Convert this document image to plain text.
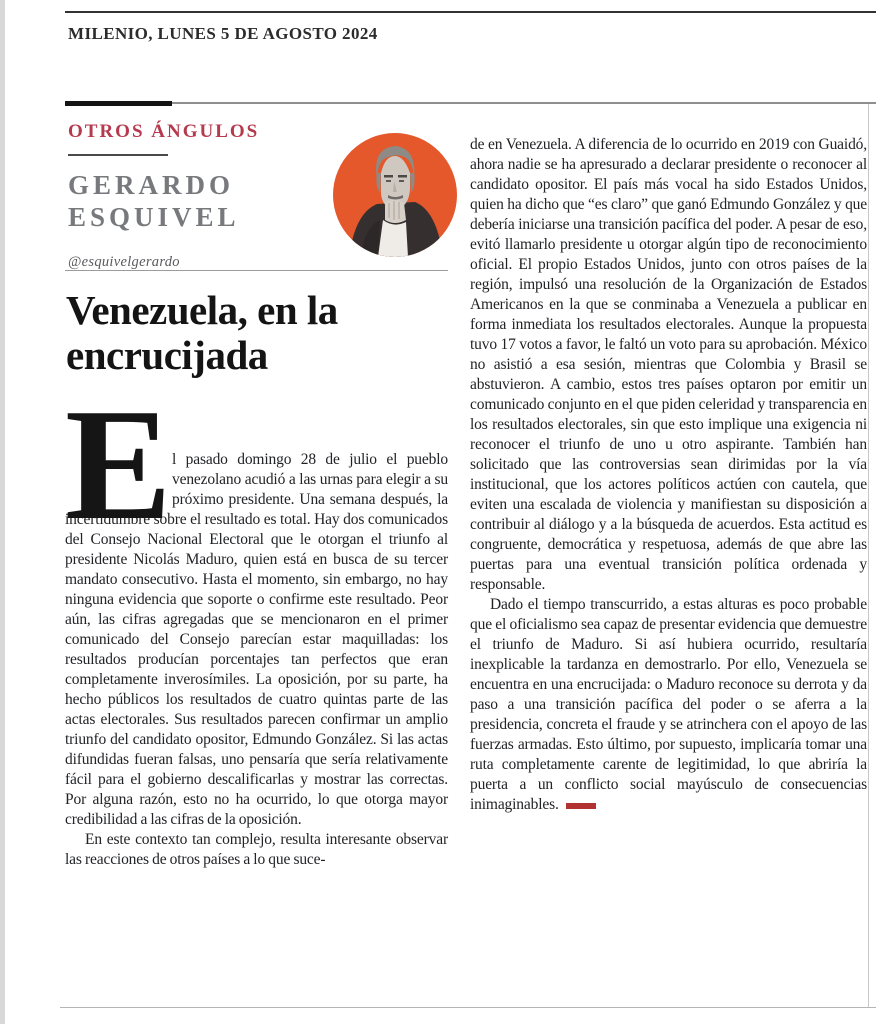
MILENIO, LUNES 5 DE AGOSTO 2024
OTROS ÁNGULOS
GERARDO ESQUIVEL
@esquivelgerardo
Venezuela, en la encrucijada

E l pasado domingo 28 de julio el pueblo venezolano acudió a las urnas para elegir a su próximo presidente. Una semana después, la incertidumbre sobre el resultado es total. Hay dos comunicados del Consejo Nacional Electoral que le otorgan el triunfo al presidente Nicolás Maduro, quien está en busca de su tercer mandato consecutivo. Hasta el momento, sin embargo, no hay ninguna evidencia que soporte o confirme este resultado. Peor aún, las cifras agregadas que se mencionaron en el primer comunicado del Consejo parecían estar maquilladas: los resultados producían porcentajes tan perfectos que eran completamente inverosímiles. La oposición, por su parte, ha hecho públicos los resultados de cuatro quintas parte de las actas electorales. Sus resultados parecen confirmar un amplio triunfo del candidato opositor, Edmundo González. Si las actas difundidas fueran falsas, uno pensaría que sería relativamente fácil para el gobierno descalificarlas y mostrar las correctas. Por alguna razón, esto no ha ocurrido, lo que otorga mayor credibilidad a las cifras de la oposición.

En este contexto tan complejo, resulta interesante observar las reacciones de otros países a lo que suce-

de en Venezuela. A diferencia de lo ocurrido en 2019 con Guaidó, ahora nadie se ha apresurado a declarar presidente o reconocer al candidato opositor. El país más vocal ha sido Estados Unidos, quien ha dicho que “es claro” que ganó Edmundo González y que debería iniciarse una transición pacífica del poder. A pesar de eso, evitó llamarlo presidente u otorgar algún tipo de reconocimiento oficial. El propio Estados Unidos, junto con otros países de la región, impulsó una resolución de la Organización de Estados Americanos en la que se conminaba a Venezuela a publicar en forma inmediata los resultados electorales. Aunque la propuesta tuvo 17 votos a favor, le faltó un voto para su aprobación. México no asistió a esa sesión, mientras que Colombia y Brasil se abstuvieron. A cambio, estos tres países optaron por emitir un comunicado conjunto en el que piden celeridad y transparencia en los resultados electorales, sin que esto implique una exigencia ni reconocer el triunfo de uno u otro aspirante. También han solicitado que las controversias sean dirimidas por la vía institucional, que los actores políticos actúen con cautela, que eviten una escalada de violencia y manifiestan su disposición a contribuir al diálogo y a la búsqueda de acuerdos. Esta actitud es congruente, democrática y respetuosa, además de que abre las puertas para una eventual transición política ordenada y responsable.

Dado el tiempo transcurrido, a estas alturas es poco probable que el oficialismo sea capaz de presentar evidencia que demuestre el triunfo de Maduro. Si así hubiera ocurrido, resultaría inexplicable la tardanza en demostrarlo. Por ello, Venezuela se encuentra en una encrucijada: o Maduro reconoce su derrota y da paso a una transición pacífica del poder o se aferra a la presidencia, concreta el fraude y se atrinchera con el apoyo de las fuerzas armadas. Esto último, por supuesto, implicaría tomar una ruta completamente carente de legitimidad, lo que abriría la puerta a un conflicto social mayúsculo de consecuencias inimaginables.
